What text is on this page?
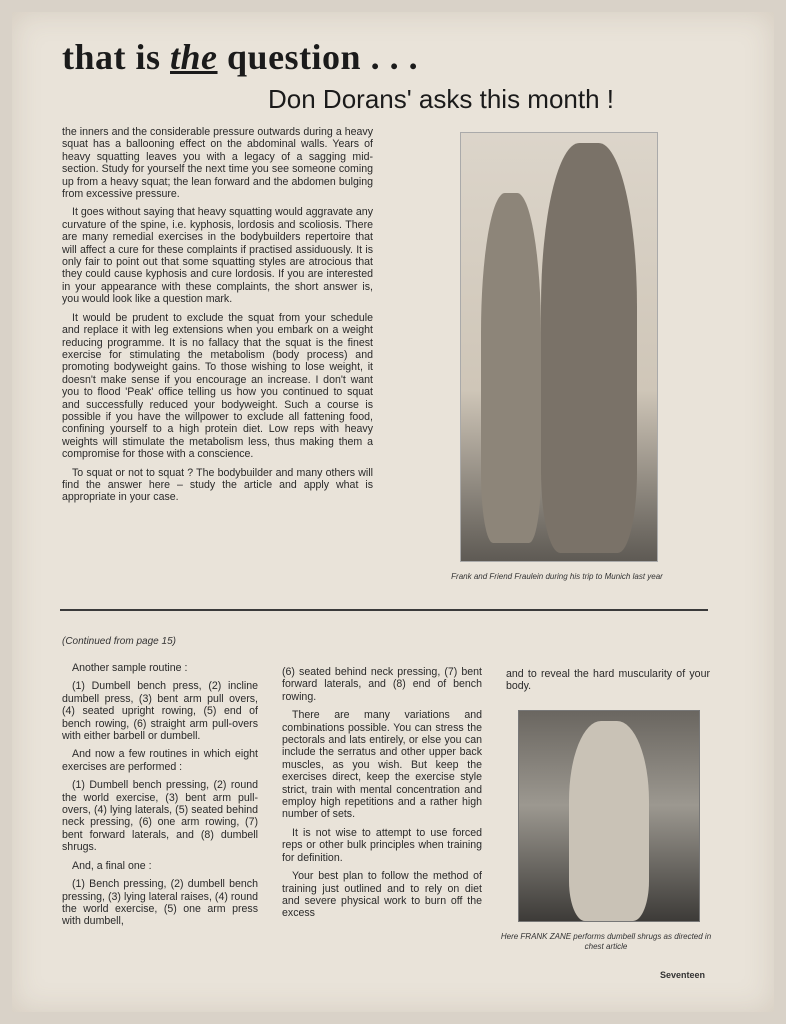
that is the question . . .
Don Dorans' asks this month !

the inners and the considerable pressure outwards during a heavy squat has a ballooning effect on the abdominal walls. Years of heavy squatting leaves you with a legacy of a sagging mid-section. Study for yourself the next time you see someone coming up from a heavy squat; the lean forward and the abdomen bulging from excessive pressure.

It goes without saying that heavy squatting would aggravate any curvature of the spine, i.e. kyphosis, lordosis and scoliosis. There are many remedial exercises in the bodybuilders repertoire that will affect a cure for these complaints if practised assiduously. It is only fair to point out that some squatting styles are atrocious that they could cause kyphosis and cure lordosis. If you are interested in your appearance with these complaints, the short answer is, you would look like a question mark.

It would be prudent to exclude the squat from your schedule and replace it with leg extensions when you embark on a weight reducing programme. It is no fallacy that the squat is the finest exercise for stimulating the metabolism (body process) and promoting bodyweight gains. To those wishing to lose weight, it doesn't make sense if you encourage an increase. I don't want you to flood 'Peak' office telling us how you continued to squat and successfully reduced your bodyweight. Such a course is possible if you have the willpower to exclude all fattening food, confining yourself to a high protein diet. Low reps with heavy weights will stimulate the metabolism less, thus making them a compromise for those with a conscience.

To squat or not to squat ? The bodybuilder and many others will find the answer here – study the article and apply what is appropriate in your case.

Frank and Friend Fraulein during his trip to Munich last year
(Continued from page 15)

Another sample routine :

(1) Dumbell bench press, (2) incline dumbell press, (3) bent arm pull overs, (4) seated upright rowing, (5) end of bench rowing, (6) straight arm pull-overs with either barbell or dumbell.

And now a few routines in which eight exercises are performed :

(1) Dumbell bench pressing, (2) round the world exercise, (3) bent arm pull-overs, (4) lying laterals, (5) seated behind neck pressing, (6) one arm rowing, (7) bent forward laterals, and (8) dumbell shrugs.

And, a final one :

(1) Bench pressing, (2) dumbell bench pressing, (3) lying lateral raises, (4) round the world exercise, (5) one arm press with dumbell,

(6) seated behind neck pressing, (7) bent forward laterals, and (8) end of bench rowing.

There are many variations and combinations possible. You can stress the pectorals and lats entirely, or else you can include the serratus and other upper back muscles, as you wish. But keep the exercises direct, keep the exercise style strict, train with mental concentration and employ high repetitions and a rather high number of sets.

It is not wise to attempt to use forced reps or other bulk principles when training for definition.

Your best plan to follow the method of training just outlined and to rely on diet and severe physical work to burn off the excess

and to reveal the hard muscularity of your body.

Here FRANK ZANE performs dumbell shrugs as directed in chest article
Seventeen
